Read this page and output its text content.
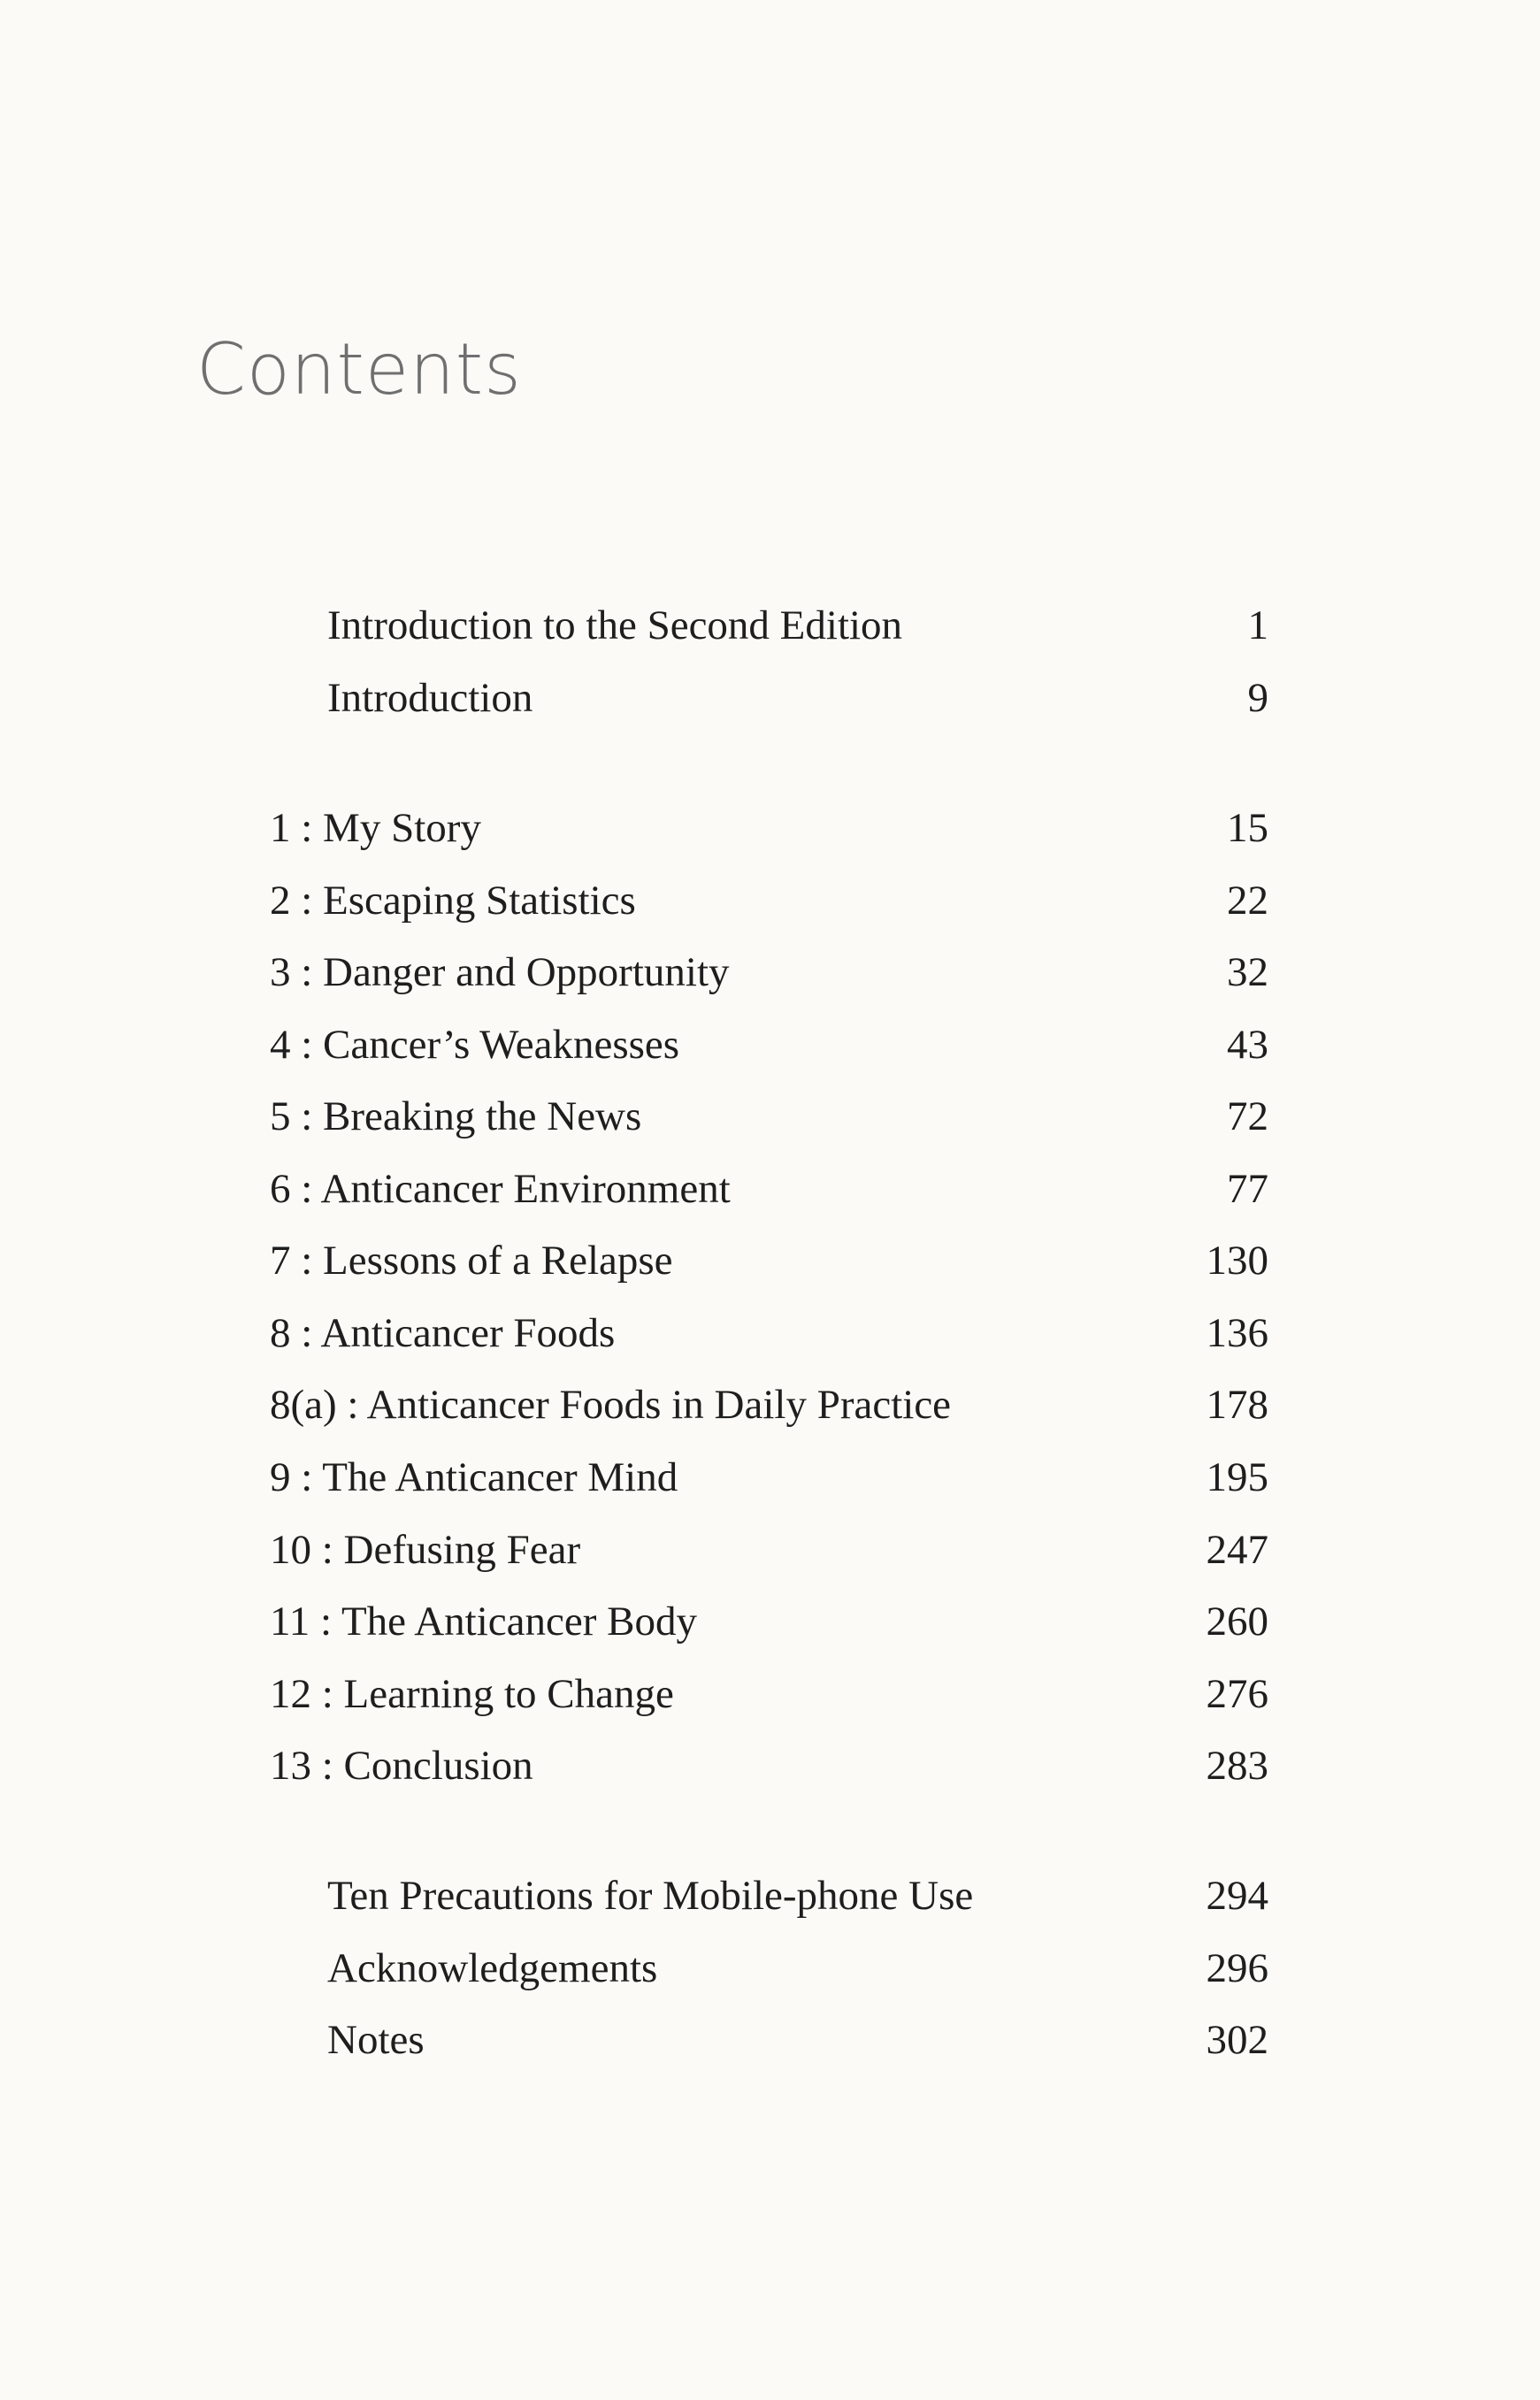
Contents
Introduction to the Second Edition	1
Introduction	9
1 : My Story	15
2 : Escaping Statistics	22
3 : Danger and Opportunity	32
4 : Cancer’s Weaknesses	43
5 : Breaking the News	72
6 : Anticancer Environment	77
7 : Lessons of a Relapse	130
8 : Anticancer Foods	136
8(a) : Anticancer Foods in Daily Practice	178
9 : The Anticancer Mind	195
10 : Defusing Fear	247
11 : The Anticancer Body	260
12 : Learning to Change	276
13 : Conclusion	283
Ten Precautions for Mobile-phone Use	294
Acknowledgements	296
Notes	302
